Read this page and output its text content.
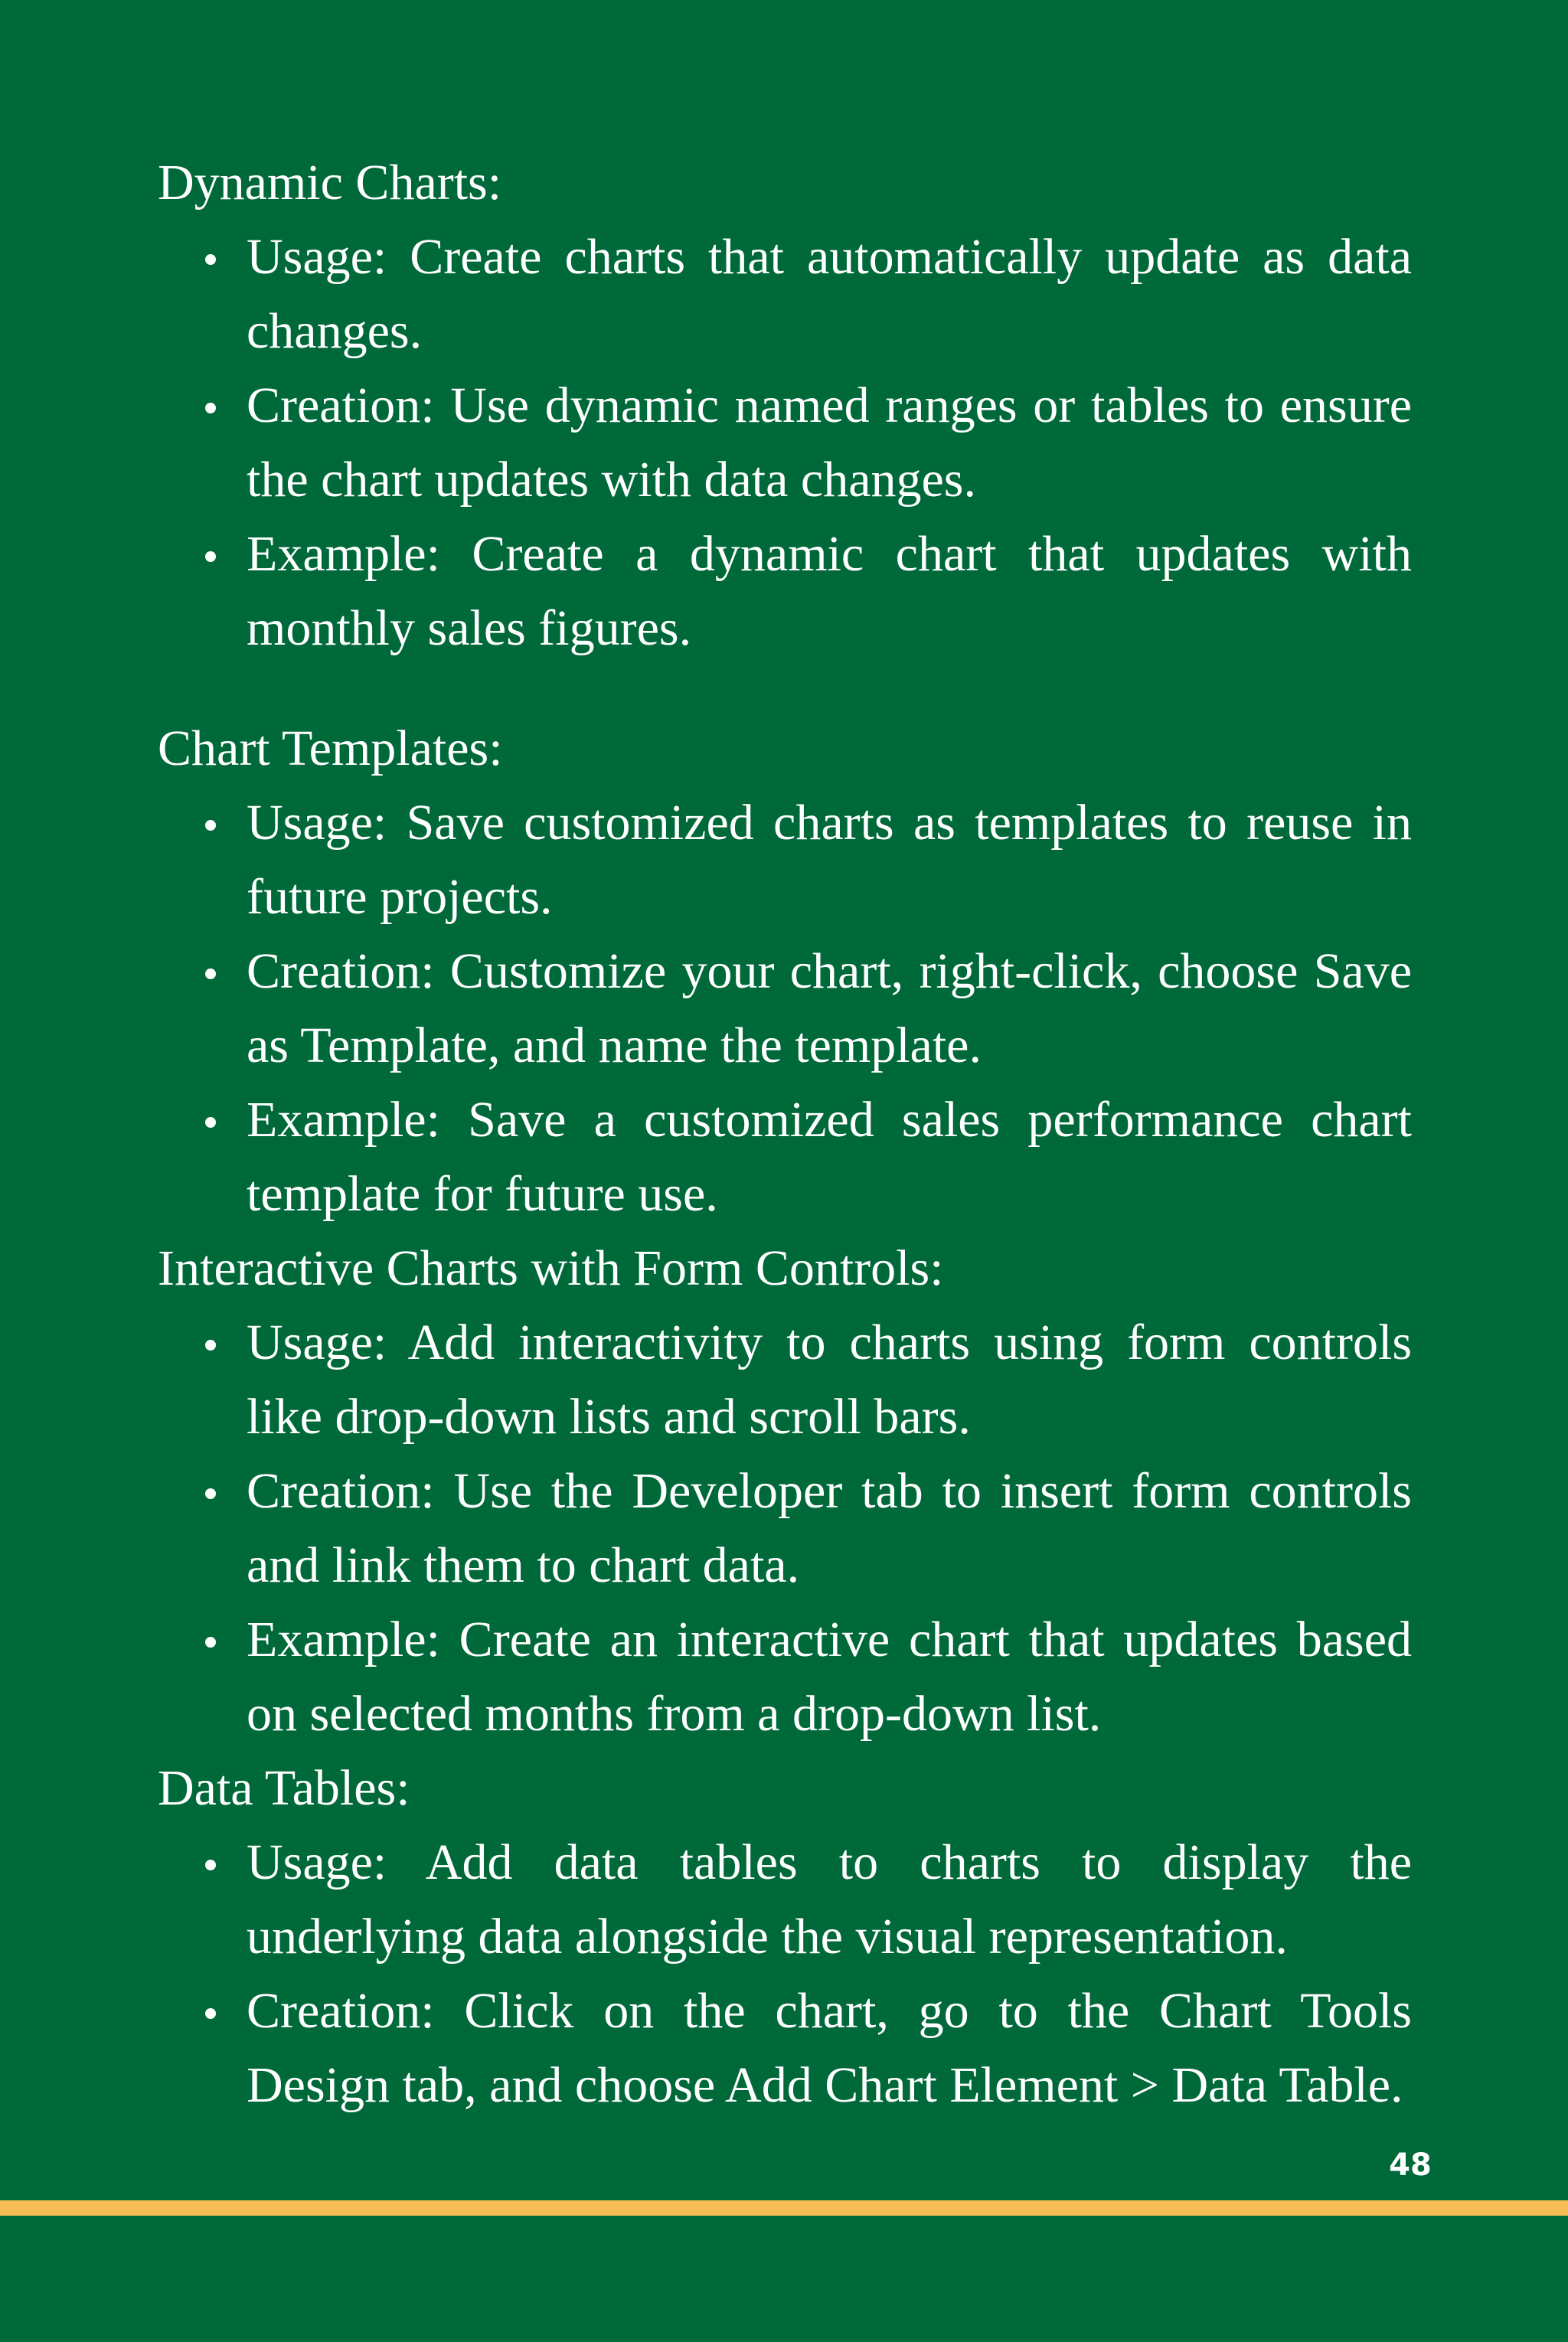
Dynamic Charts:

Usage: Create charts that automatically update as data changes.
Creation: Use dynamic named ranges or tables to ensure the chart updates with data changes.
Example: Create a dynamic chart that updates with monthly sales figures.

Chart Templates:

Usage: Save customized charts as templates to reuse in future projects.
Creation: Customize your chart, right-click, choose Save as Template, and name the template.
Example: Save a customized sales performance chart template for future use.

Interactive Charts with Form Controls:

Usage: Add interactivity to charts using form controls like drop-down lists and scroll bars.
Creation: Use the Developer tab to insert form controls and link them to chart data.
Example: Create an interactive chart that updates based on selected months from a drop-down list.

Data Tables:

Usage: Add data tables to charts to display the underlying data alongside the visual representation.
Creation: Click on the chart, go to the Chart Tools Design tab, and choose Add Chart Element > Data Table.
48
